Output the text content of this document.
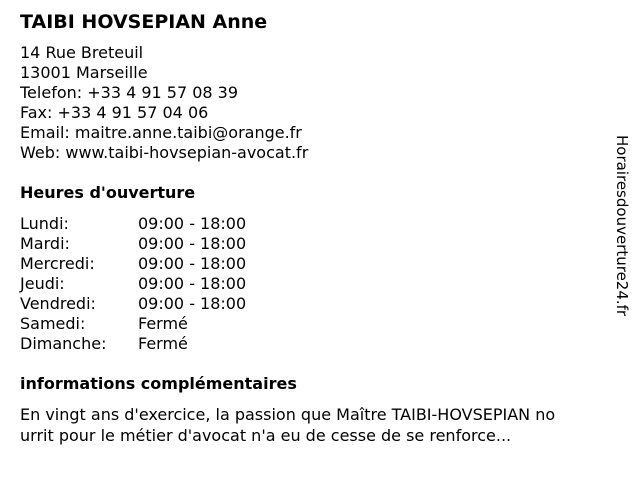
TAIBI HOVSEPIAN Anne
14 Rue Breteuil
13001 Marseille
Telefon: +33 4 91 57 08 39
Fax: +33 4 91 57 04 06
Email: maitre.anne.taibi@orange.fr
Web: www.taibi-hovsepian-avocat.fr
Heures d'ouverture
Lundi:	09:00 - 18:00
Mardi:	09:00 - 18:00
Mercredi:	09:00 - 18:00
Jeudi:	09:00 - 18:00
Vendredi:	09:00 - 18:00
Samedi:	Fermé
Dimanche: Fermé
informations complémentaires
En vingt ans d'exercice, la passion que Maître TAIBI-HOVSEPIAN no
urrit pour le métier d'avocat n'a eu de cesse de se renforce...
Horairesdouverture24.fr
